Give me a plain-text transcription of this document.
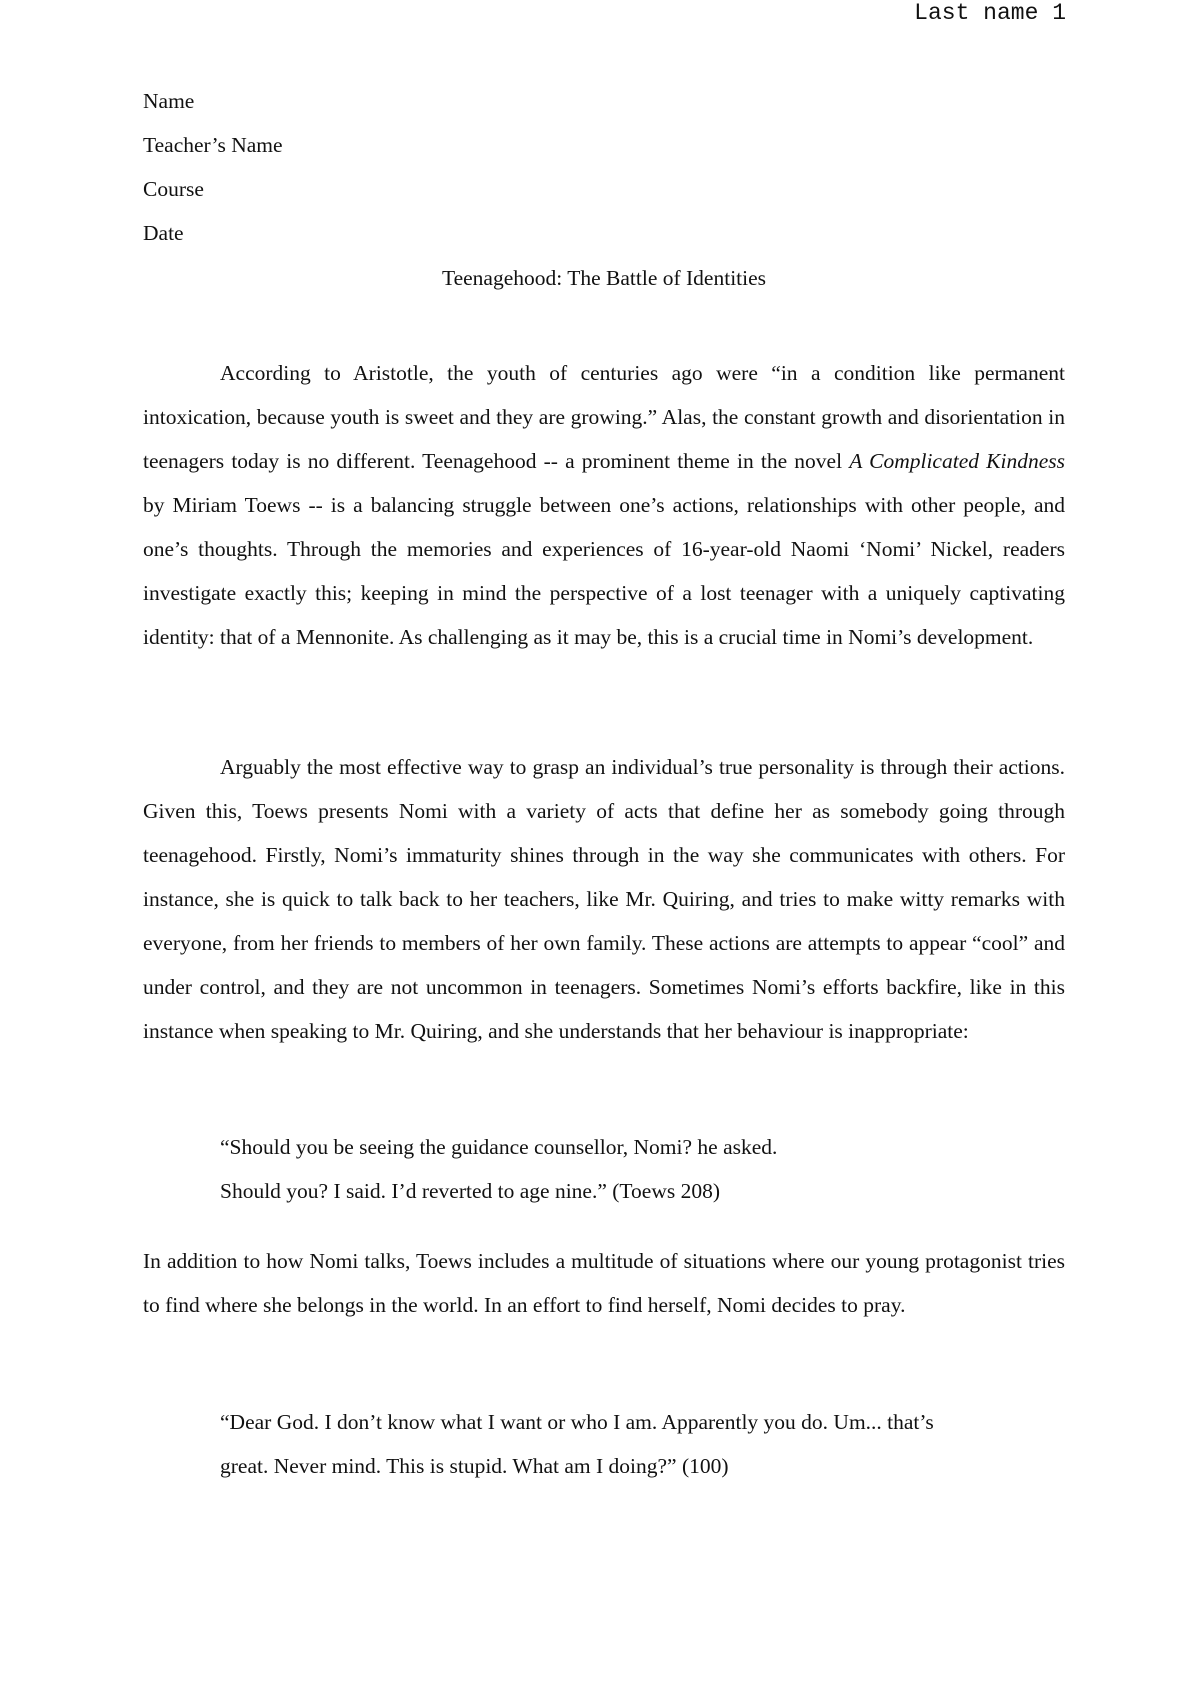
Last name 1
Name
Teacher’s Name
Course
Date
Teenagehood: The Battle of Identities

According to Aristotle, the youth of centuries ago were “in a condition like permanent intoxication, because youth is sweet and they are growing.” Alas, the constant growth and disorientation in teenagers today is no different. Teenagehood -- a prominent theme in the novel A Complicated Kindness by Miriam Toews -- is a balancing struggle between one’s actions, relationships with other people, and one’s thoughts. Through the memories and experiences of 16-year-old Naomi ‘Nomi’ Nickel, readers investigate exactly this; keeping in mind the perspective of a lost teenager with a uniquely captivating identity: that of a Mennonite. As challenging as it may be, this is a crucial time in Nomi’s development.

Arguably the most effective way to grasp an individual’s true personality is through their actions. Given this, Toews presents Nomi with a variety of acts that define her as somebody going through teenagehood. Firstly, Nomi’s immaturity shines through in the way she communicates with others. For instance, she is quick to talk back to her teachers, like Mr. Quiring, and tries to make witty remarks with everyone, from her friends to members of her own family. These actions are attempts to appear “cool” and under control, and they are not uncommon in teenagers. Sometimes Nomi’s efforts backfire, like in this instance when speaking to Mr. Quiring, and she understands that her behaviour is inappropriate:

“Should you be seeing the guidance counsellor, Nomi? he asked.

Should you? I said. I’d reverted to age nine.” (Toews 208)

In addition to how Nomi talks, Toews includes a multitude of situations where our young protagonist tries to find where she belongs in the world. In an effort to find herself, Nomi decides to pray.

“Dear God. I don’t know what I want or who I am. Apparently you do. Um... that’s

great. Never mind. This is stupid. What am I doing?” (100)
